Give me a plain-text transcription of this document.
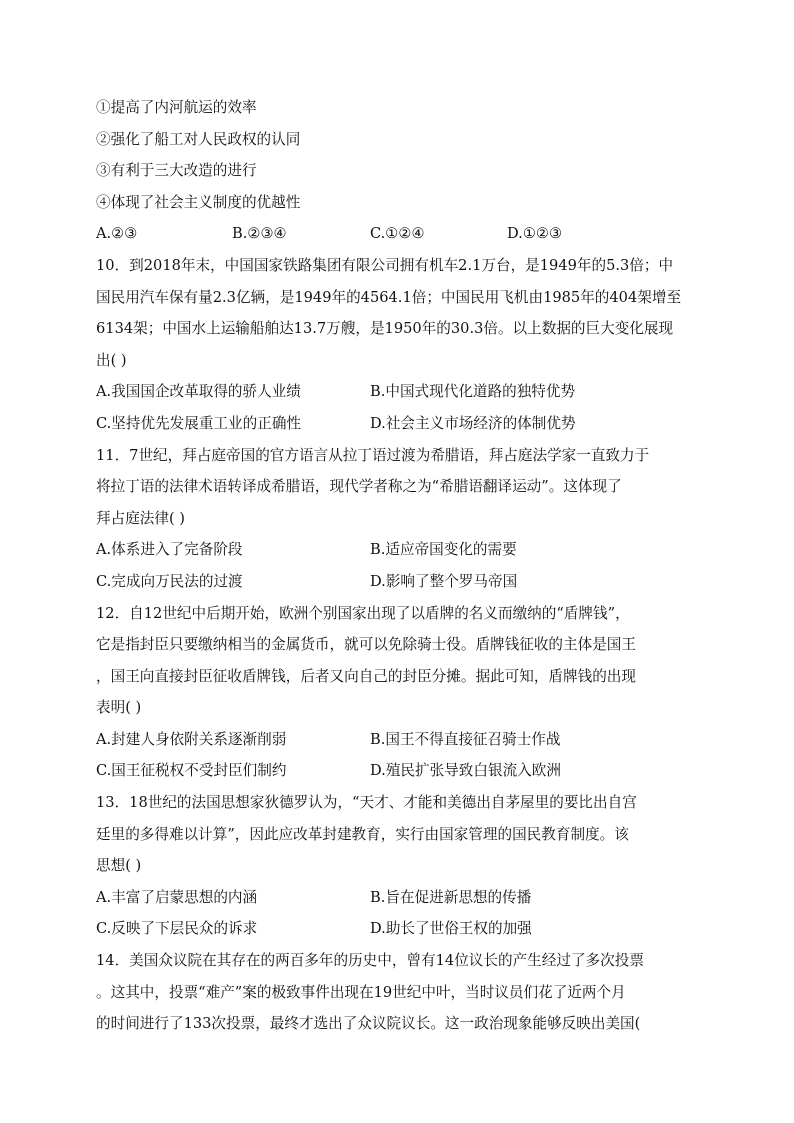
①提高了内河航运的效率
②强化了船工对人民政权的认同
③有利于三大改造的进行
④体现了社会主义制度的优越性
A.②③	B.②③④	C.①②④	D.①②③
10．到2018年末，中国国家铁路集团有限公司拥有机车2.1万台，是1949年的5.3倍；中
国民用汽车保有量2.3亿辆，是1949年的4564.1倍；中国民用飞机由1985年的404架增至
6134架；中国水上运输船舶达13.7万艘，是1950年的30.3倍。以上数据的巨大变化展现
出( )
A.我国国企改革取得的骄人业绩	B.中国式现代化道路的独特优势
C.坚持优先发展重工业的正确性	D.社会主义市场经济的体制优势
11．7世纪，拜占庭帝国的官方语言从拉丁语过渡为希腊语，拜占庭法学家一直致力于
将拉丁语的法律术语转译成希腊语，现代学者称之为“希腊语翻译运动”。这体现了
拜占庭法律( )
A.体系进入了完备阶段	B.适应帝国变化的需要
C.完成向万民法的过渡	D.影响了整个罗马帝国
12．自12世纪中后期开始，欧洲个别国家出现了以盾牌的名义而缴纳的“盾牌钱”，
它是指封臣只要缴纳相当的金属货币，就可以免除骑士役。盾牌钱征收的主体是国王
，国王向直接封臣征收盾牌钱，后者又向自己的封臣分摊。据此可知，盾牌钱的出现
表明( )
A.封建人身依附关系逐渐削弱	B.国王不得直接征召骑士作战
C.国王征税权不受封臣们制约	D.殖民扩张导致白银流入欧洲
13．18世纪的法国思想家狄德罗认为，“天才、才能和美德出自茅屋里的要比出自宫
廷里的多得难以计算”，因此应改革封建教育，实行由国家管理的国民教育制度。该
思想( )
A.丰富了启蒙思想的内涵	B.旨在促进新思想的传播
C.反映了下层民众的诉求	D.助长了世俗王权的加强
14．美国众议院在其存在的两百多年的历史中，曾有14位议长的产生经过了多次投票
。这其中，投票“难产”案的极致事件出现在19世纪中叶，当时议员们花了近两个月
的时间进行了133次投票，最终才选出了众议院议长。这一政治现象能够反映出美国(
